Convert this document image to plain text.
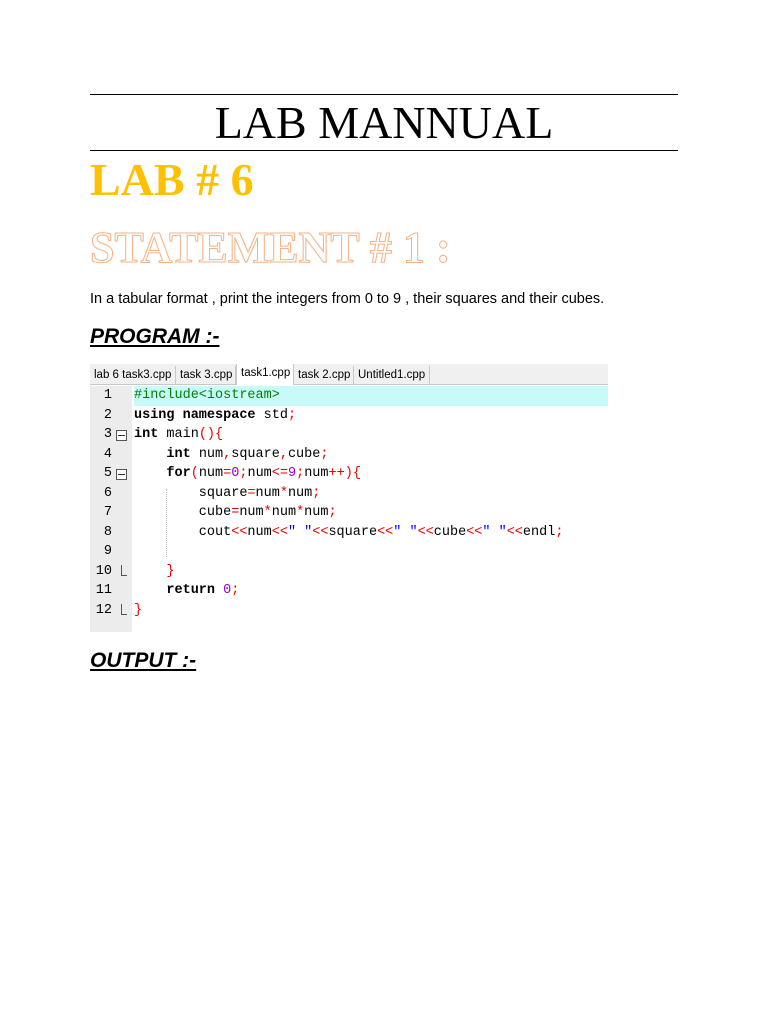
LAB MANNUAL
LAB # 6
STATEMENT # 1 :
In a tabular format , print the integers from 0 to 9 , their squares and their cubes.
PROGRAM :-
lab 6 task3.cpp task 3.cpp task1.cpp task 2.cpp Untitled1.cpp
1
2
3
4
5
6
7
8
9
10
11
12
#include<iostream>
using namespace std;
int main(){
int num,square,cube;
for(num=0;num<=9;num++){
square=num*num;
cube=num*num*num;
cout<<num<<" "<<square<<" "<<cube<<" "<<endl;
}
return 0;
}
OUTPUT :-
